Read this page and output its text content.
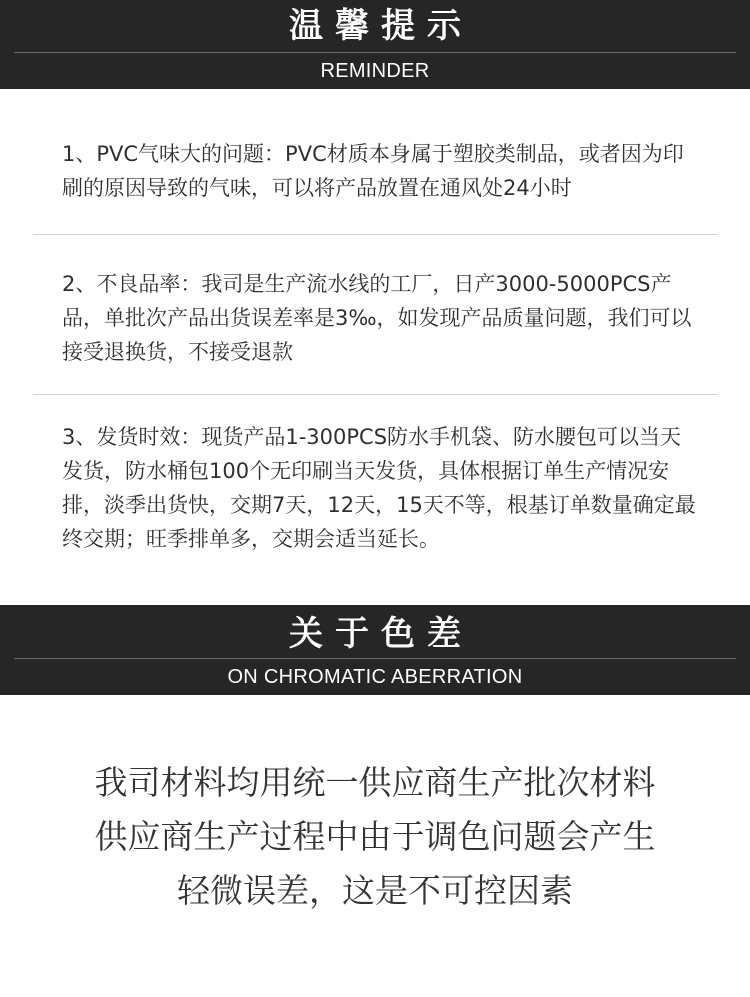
温馨提示
REMINDER
1、PVC气味大的问题：PVC材质本身属于塑胶类制品，或者因为印刷的原因导致的气味，可以将产品放置在通风处24小时
2、不良品率：我司是生产流水线的工厂，日产3000-5000PCS产品，单批次产品出货误差率是3‰，如发现产品质量问题，我们可以接受退换货，不接受退款
3、发货时效：现货产品1-300PCS防水手机袋、防水腰包可以当天发货，防水桶包100个无印刷当天发货，具体根据订单生产情况安排，淡季出货快，交期7天，12天，15天不等，根基订单数量确定最终交期；旺季排单多，交期会适当延长。
关于色差
ON CHROMATIC ABERRATION
我司材料均用统一供应商生产批次材料
供应商生产过程中由于调色问题会产生
轻微误差，这是不可控因素
